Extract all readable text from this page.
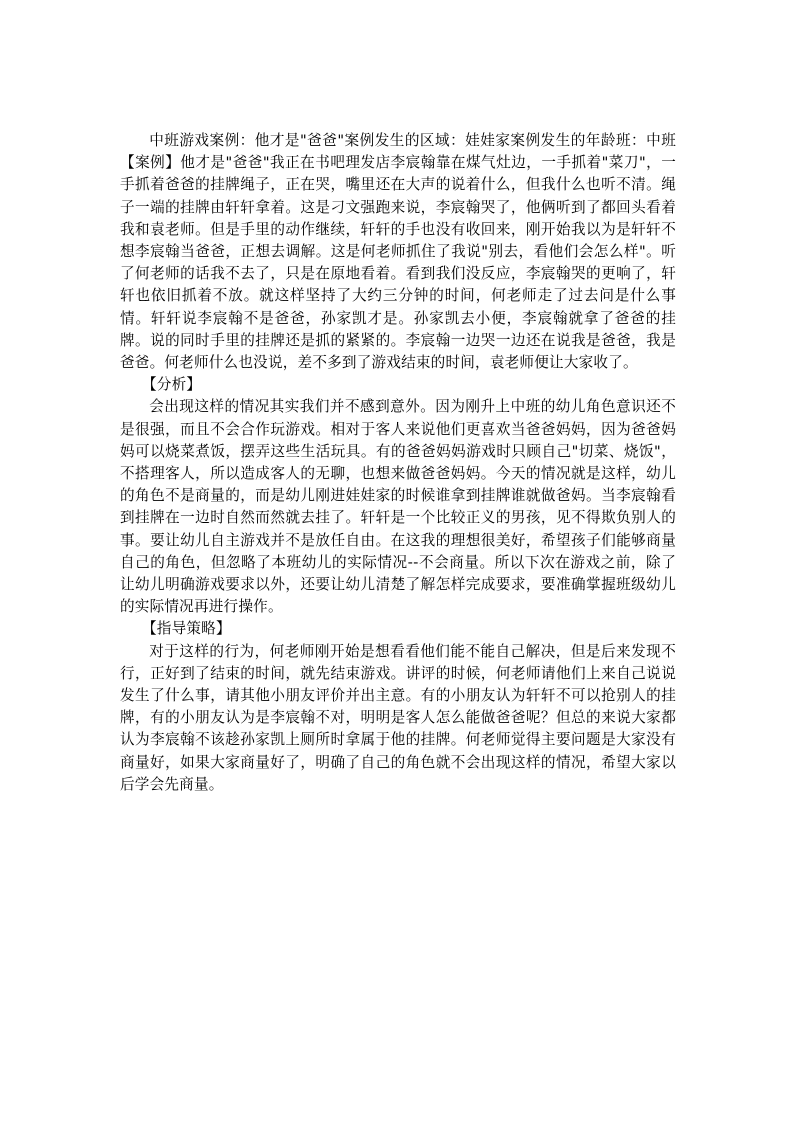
中班游戏案例：他才是"爸爸"案例发生的区域：娃娃家案例发生的年龄班：中班【案例】他才是"爸爸"我正在书吧理发店李宸翰靠在煤气灶边，一手抓着"菜刀"，一手抓着爸爸的挂牌绳子，正在哭，嘴里还在大声的说着什么，但我什么也听不清。绳子一端的挂牌由轩轩拿着。这是刁文强跑来说，李宸翰哭了，他俩听到了都回头看着我和袁老师。但是手里的动作继续，轩轩的手也没有收回来，刚开始我以为是轩轩不想李宸翰当爸爸，正想去调解。这是何老师抓住了我说"别去，看他们会怎么样"。听了何老师的话我不去了，只是在原地看着。看到我们没反应，李宸翰哭的更响了，轩轩也依旧抓着不放。就这样坚持了大约三分钟的时间，何老师走了过去问是什么事情。轩轩说李宸翰不是爸爸，孙家凯才是。孙家凯去小便，李宸翰就拿了爸爸的挂牌。说的同时手里的挂牌还是抓的紧紧的。李宸翰一边哭一边还在说我是爸爸，我是爸爸。何老师什么也没说，差不多到了游戏结束的时间，袁老师便让大家收了。

【分析】

会出现这样的情况其实我们并不感到意外。因为刚升上中班的幼儿角色意识还不是很强，而且不会合作玩游戏。相对于客人来说他们更喜欢当爸爸妈妈，因为爸爸妈妈可以烧菜煮饭，摆弄这些生活玩具。有的爸爸妈妈游戏时只顾自己"切菜、烧饭"，不搭理客人，所以造成客人的无聊，也想来做爸爸妈妈。今天的情况就是这样，幼儿的角色不是商量的，而是幼儿刚进娃娃家的时候谁拿到挂牌谁就做爸妈。当李宸翰看到挂牌在一边时自然而然就去挂了。轩轩是一个比较正义的男孩，见不得欺负别人的事。要让幼儿自主游戏并不是放任自由。在这我的理想很美好，希望孩子们能够商量自己的角色，但忽略了本班幼儿的实际情况--不会商量。所以下次在游戏之前，除了让幼儿明确游戏要求以外，还要让幼儿清楚了解怎样完成要求，要准确掌握班级幼儿的实际情况再进行操作。

【指导策略】

对于这样的行为，何老师刚开始是想看看他们能不能自己解决，但是后来发现不行，正好到了结束的时间，就先结束游戏。讲评的时候，何老师请他们上来自己说说发生了什么事，请其他小朋友评价并出主意。有的小朋友认为轩轩不可以抢别人的挂牌，有的小朋友认为是李宸翰不对，明明是客人怎么能做爸爸呢？但总的来说大家都认为李宸翰不该趁孙家凯上厕所时拿属于他的挂牌。何老师觉得主要问题是大家没有商量好，如果大家商量好了，明确了自己的角色就不会出现这样的情况，希望大家以后学会先商量。
